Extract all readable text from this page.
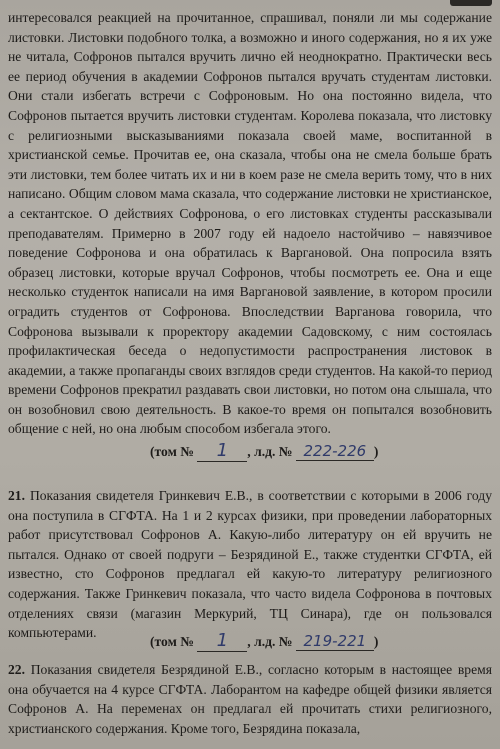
интересовался реакцией на прочитанное, спрашивал, поняли ли мы содержание листовки. Листовки подобного толка, а возможно и иного содержания, но я их уже не читала, Софронов пытался вручить лично ей неоднократно. Практически весь ее период обучения в академии Софронов пытался вручать студентам листовки. Они стали избегать встречи с Софроновым. Но она постоянно видела, что Софронов пытается вручить листовки студентам. Королева показала, что листовку с религиозными высказываниями показала своей маме, воспитанной в христианской семье. Прочитав ее, она сказала, чтобы она не смела больше брать эти листовки, тем более читать их и ни в коем разе не смела верить тому, что в них написано. Общим словом мама сказала, что содержание листовки не христианское, а сектантское. О действиях Софронова, о его листовках студенты рассказывали преподавателям. Примерно в 2007 году ей надоело настойчиво – навязчивое поведение Софронова и она обратилась к Варгановой. Она попросила взять образец листовки, которые вручал Софронов, чтобы посмотреть ее. Она и еще несколько студенток написали на имя Варгановой заявление, в котором просили оградить студентов от Софронова. Впоследствии Варганова говорила, что Софронова вызывали к проректору академии Садовскому, с ним состоялась профилактическая беседа о недопустимости распространения листовок в академии, а также пропаганды своих взглядов среди студентов. На какой-то период времени Софронов прекратил раздавать свои листовки, но потом она слышала, что он возобновил свою деятельность. В какое-то время он попытался возобновить общение с ней, но она любым способом избегала этого.

(том № 1 , л.д. № 222-226 )

21. Показания свидетеля Гринкевич Е.В., в соответствии с которыми в 2006 году она поступила в СГФТА. На 1 и 2 курсах физики, при проведении лабораторных работ присутствовал Софронов А. Какую-либо литературу он ей вручить не пытался. Однако от своей подруги – Безрядиной Е., также студентки СГФТА, ей известно, сто Софронов предлагал ей какую-то литературу религиозного содержания. Также Гринкевич показала, что часто видела Софронова в почтовых отделениях связи (магазин Меркурий, ТЦ Синара), где он пользовался компьютерами.

(том № 1 , л.д. № 219-221 )

22. Показания свидетеля Безрядиной Е.В., согласно которым в настоящее время она обучается на 4 курсе СГФТА. Лаборантом на кафедре общей физики является Софронов А. На переменах он предлагал ей прочитать стихи религиозного, христианского содержания. Кроме того, Безрядина показала,
